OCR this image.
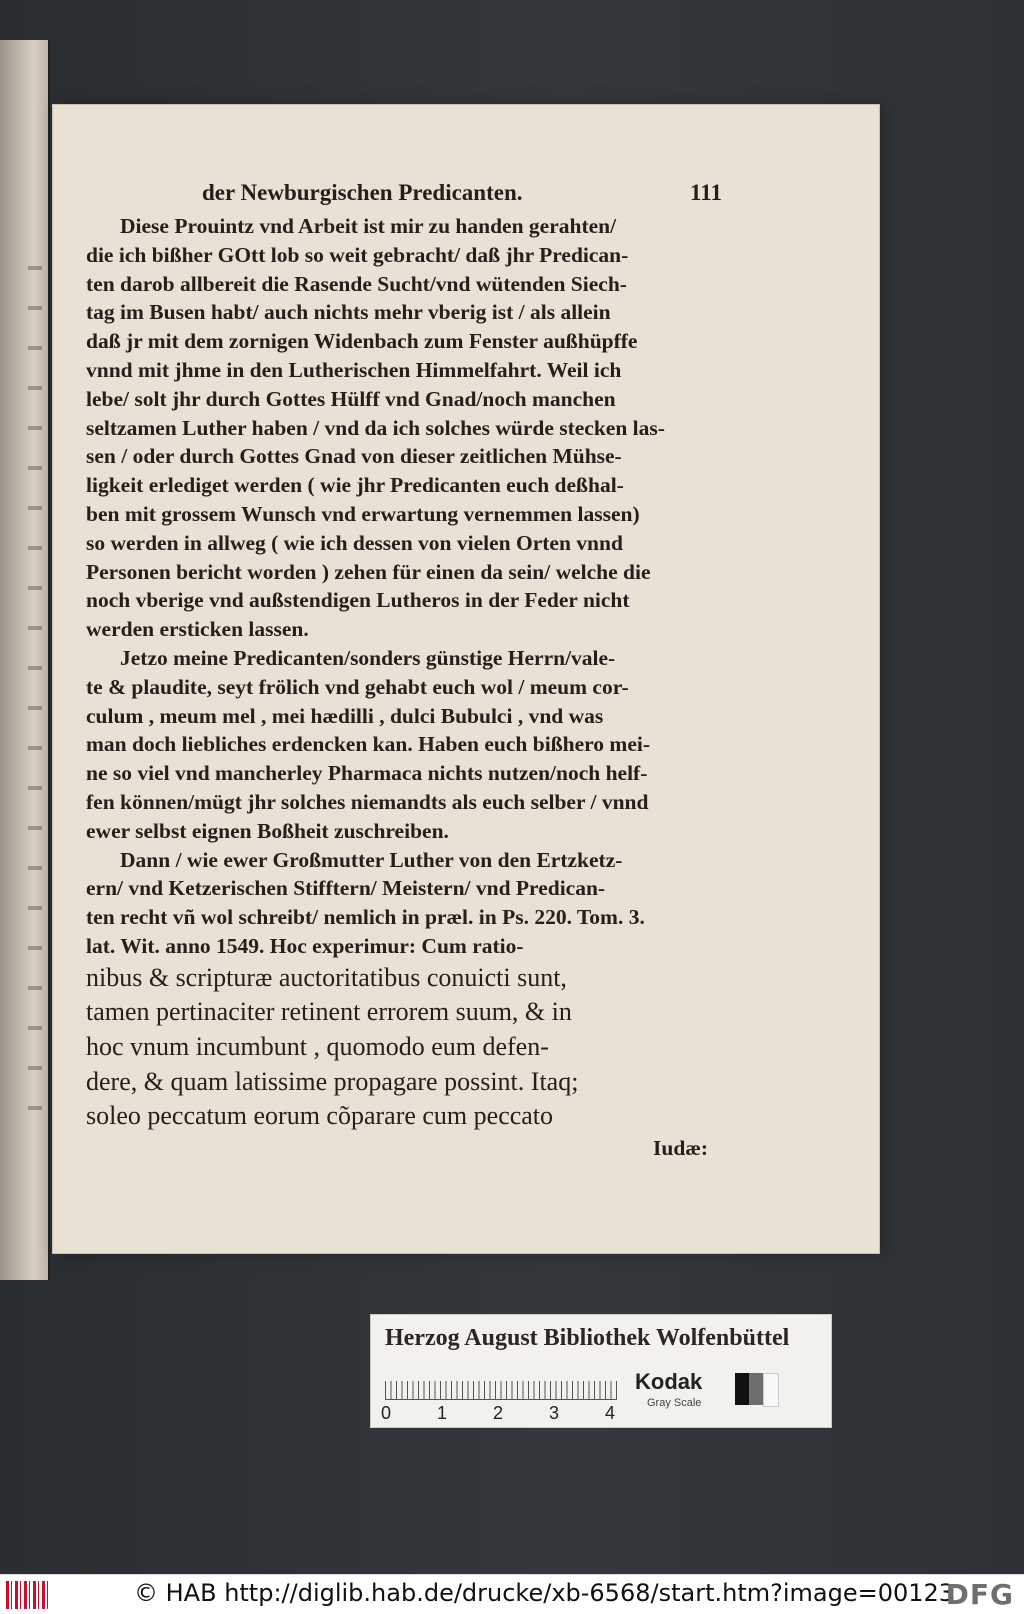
der Newburgischen Predicanten.	111
Diese Prouintz vnd Arbeit ist mir zu handen gerahten/
die ich bißher GOtt lob so weit gebracht/ daß jhr Predican-
ten darob allbereit die Rasende Sucht/vnd wütenden Siech-
tag im Busen habt/ auch nichts mehr vberig ist / als allein
daß jr mit dem zornigen Widenbach zum Fenster außhüpffe
vnnd mit jhme in den Lutherischen Himmelfahrt. Weil ich
lebe/ solt jhr durch Gottes Hülff vnd Gnad/noch manchen
seltzamen Luther haben / vnd da ich solches würde stecken las-
sen / oder durch Gottes Gnad von dieser zeitlichen Mühse-
ligkeit erlediget werden ( wie jhr Predicanten euch deßhal-
ben mit grossem Wunsch vnd erwartung vernemmen lassen)
so werden in allweg ( wie ich dessen von vielen Orten vnnd
Personen bericht worden ) zehen für einen da sein/ welche die
noch vberige vnd außstendigen Lutheros in der Feder nicht
werden ersticken lassen.
Jetzo meine Predicanten/sonders günstige Herrn/vale-
te & plaudite, seyt frölich vnd gehabt euch wol / meum cor-
culum , meum mel , mei hædilli , dulci Bubulci , vnd was
man doch liebliches erdencken kan. Haben euch bißhero mei-
ne so viel vnd mancherley Pharmaca nichts nutzen/noch helf-
fen können/mügt jhr solches niemandts als euch selber / vnnd
ewer selbst eignen Boßheit zuschreiben.
Dann / wie ewer Großmutter Luther von den Ertzketz-
ern/ vnd Ketzerischen Stifftern/ Meistern/ vnd Predican-
ten recht vñ wol schreibt/ nemlich in præl. in Ps. 220. Tom. 3.
lat. Wit. anno 1549. Hoc experimur: Cum ratio-
nibus & scripturæ auctoritatibus conuicti sunt,
tamen pertinaciter retinent errorem suum, & in
hoc vnum incumbunt , quomodo eum defen-
dere, & quam latissime propagare possint. Itaq;
soleo peccatum eorum cõparare cum peccato
Iudæ:
Herzog August Bibliothek Wolfenbüttel
0	1	2	3	4
Kodak
Gray Scale
© HAB http://diglib.hab.de/drucke/xb-6568/start.htm?image=00123
DFG
